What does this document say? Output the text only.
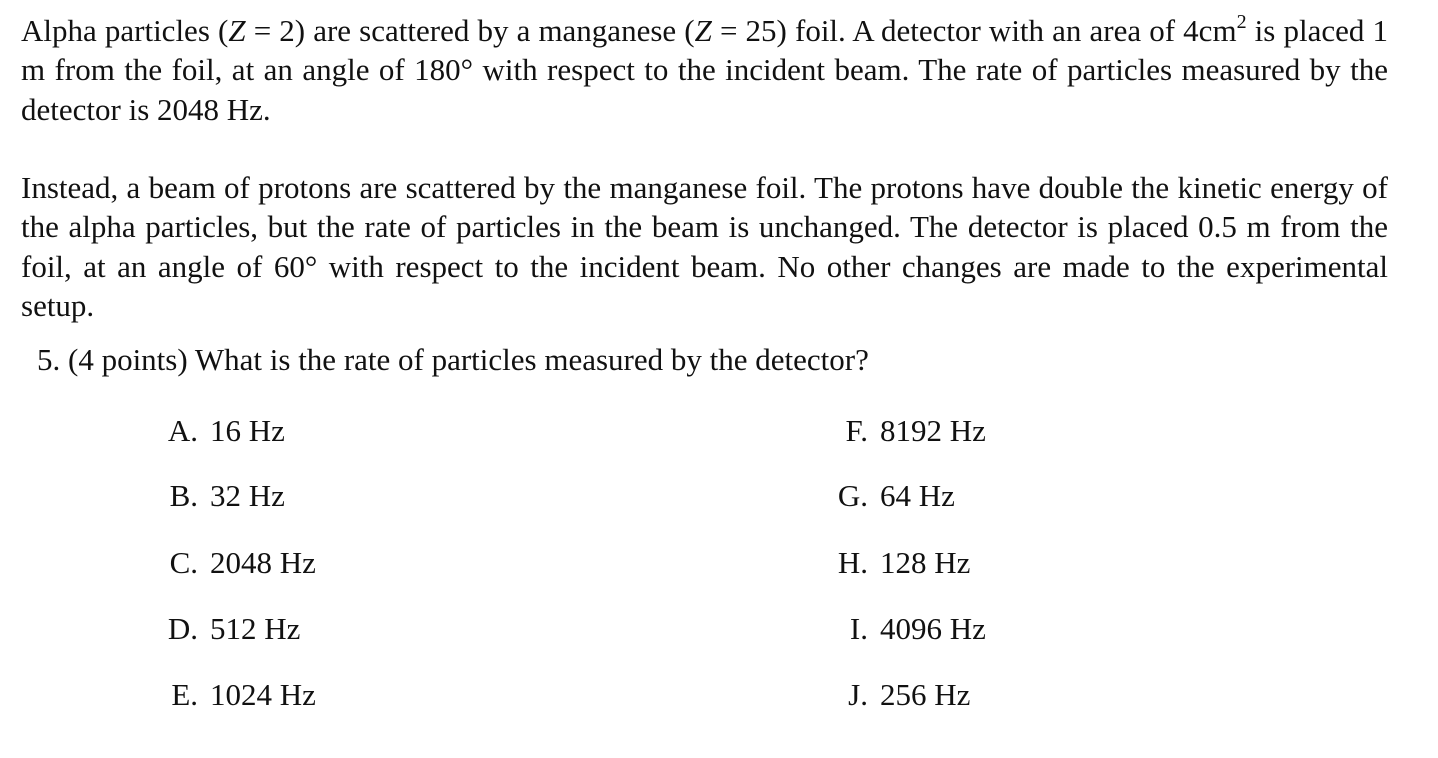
Alpha particles (Z = 2) are scattered by a manganese (Z = 25) foil. A detector with an area of $4cm^2$ is placed 1 m from the foil, at an angle of 180° with respect to the incident beam. The rate of particles measured by the detector is 2048 Hz.

Instead, a beam of protons are scattered by the manganese foil. The protons have double the kinetic energy of the alpha particles, but the rate of particles in the beam is unchanged. The detector is placed 0.5 m from the foil, at an angle of 60° with respect to the incident beam. No other changes are made to the experimental setup.

5. (4 points) What is the rate of particles measured by the detector?

A. 16 Hz
B. 32 Hz
C. 2048 Hz
D. 512 Hz
E. 1024 Hz
F. 8192 Hz
G. 64 Hz
H. 128 Hz
I. 4096 Hz
J. 256 Hz
